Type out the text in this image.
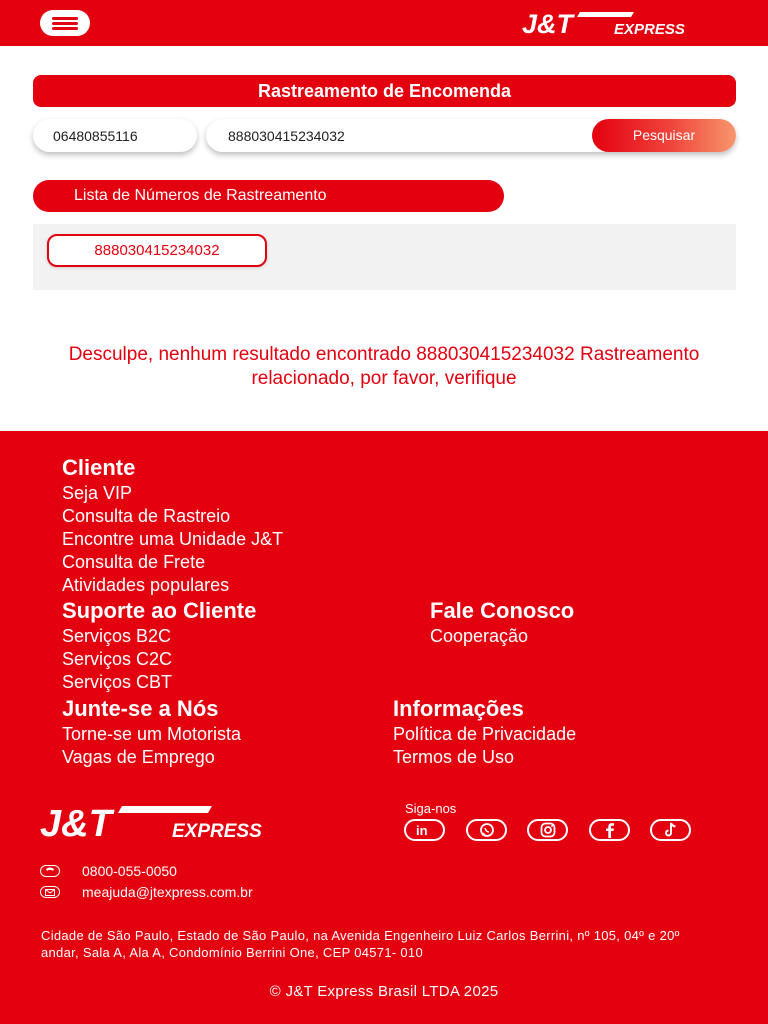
J&T	EXPRESS
Rastreamento de Encomenda
06480855116
888030415234032
Pesquisar
Lista de Números de Rastreamento
888030415234032
Desculpe, nenhum resultado encontrado 888030415234032 Rastreamento relacionado, por favor, verifique
Cliente
Seja VIP
Consulta de Rastreio
Encontre uma Unidade J&T
Consulta de Frete
Atividades populares
Suporte ao Cliente
Serviços B2C
Serviços C2C
Serviços CBT
Fale Conosco
Cooperação
Junte-se a Nós
Torne-se um Motorista
Vagas de Emprego
Informações
Política de Privacidade
Termos de Uso
J&T	EXPRESS
Siga-nos
in
0800-055-0050
meajuda@jtexpress.com.br
Cidade de São Paulo, Estado de São Paulo, na Avenida Engenheiro Luiz Carlos Berrini, nº 105, 04º e 20º andar, Sala A, Ala A, Condomínio Berrini One, CEP 04571- 010
© J&T Express Brasil LTDA 2025
